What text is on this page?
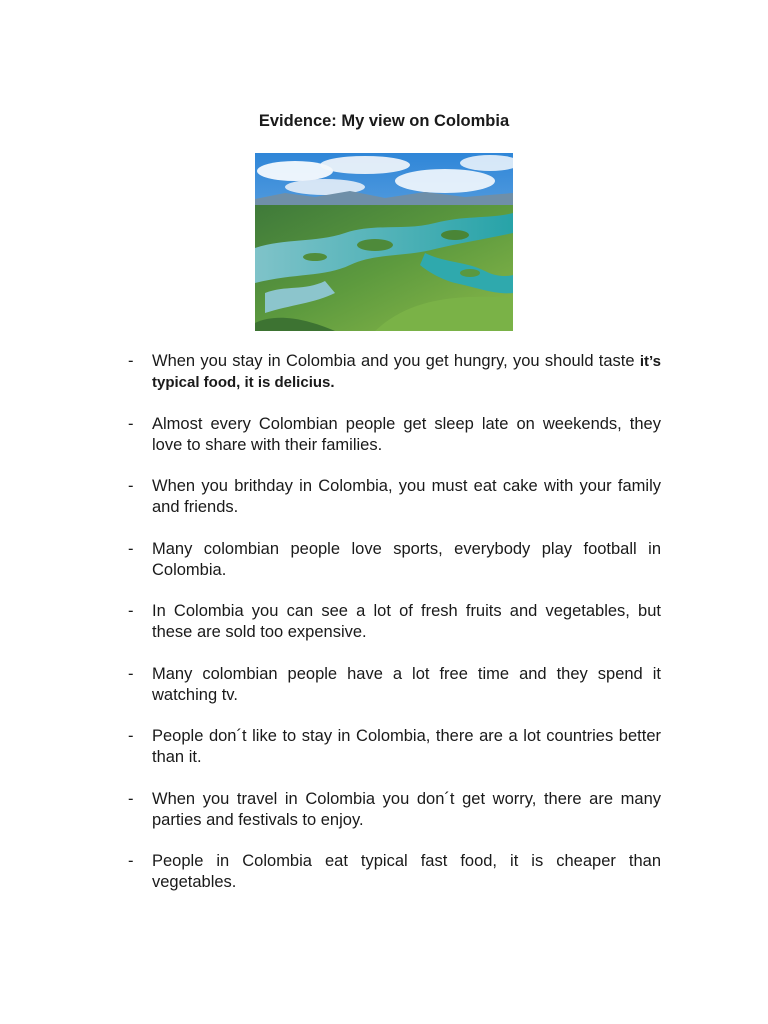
Evidence: My view on Colombia
- When you stay in Colombia and you get hungry, you should taste it’s typical food, it is delicius.
- Almost every Colombian people get sleep late on weekends, they love to share with their families.
- When you brithday in Colombia, you must eat cake with your family and friends.
- Many colombian people love sports, everybody play football in Colombia.
- In Colombia you can see a lot of fresh fruits and vegetables, but these are sold too expensive.
- Many colombian people have a lot free time and they spend it watching tv.
- People don´t like to stay in Colombia, there are a lot countries better than it.
- When you travel in Colombia you don´t get worry, there are many parties and festivals to enjoy.
- People in Colombia eat typical fast food, it is cheaper than vegetables.
